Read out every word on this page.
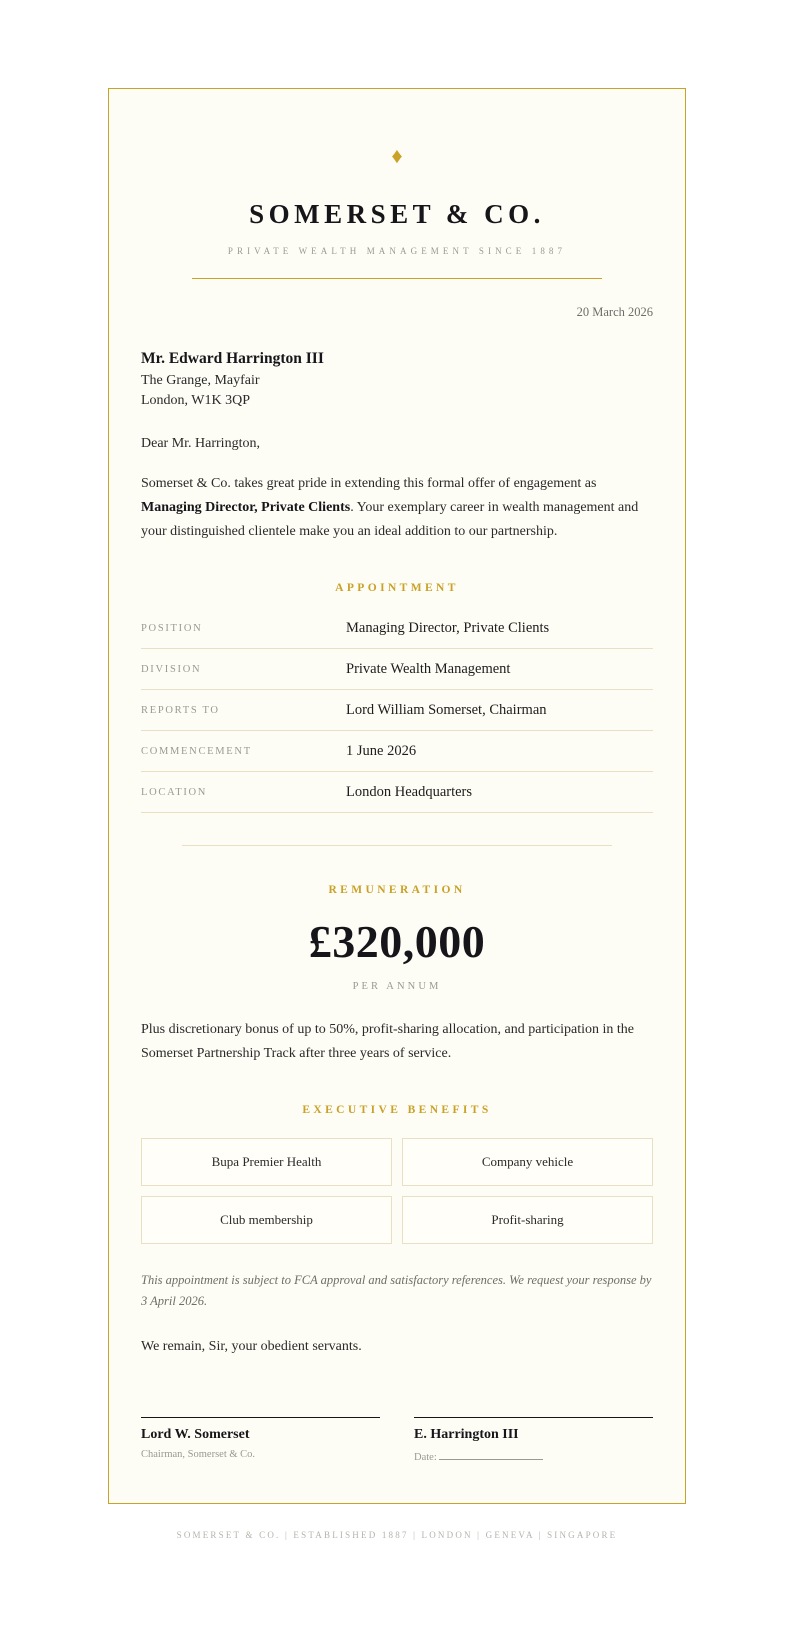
♦
SOMERSET & CO.
PRIVATE WEALTH MANAGEMENT SINCE 1887
20 March 2026
Mr. Edward Harrington III
The Grange, Mayfair
London, W1K 3QP
Dear Mr. Harrington,

Somerset & Co. takes great pride in extending this formal offer of engagement as Managing Director, Private Clients. Your exemplary career in wealth management and your distinguished clientele make you an ideal addition to our partnership.

APPOINTMENT
POSITION	Managing Director, Private Clients
DIVISION	Private Wealth Management
REPORTS TO	Lord William Somerset, Chairman
COMMENCEMENT	1 June 2026
LOCATION	London Headquarters
REMUNERATION
£320,000
PER ANNUM

Plus discretionary bonus of up to 50%, profit-sharing allocation, and participation in the Somerset Partnership Track after three years of service.

EXECUTIVE BENEFITS
Bupa Premier Health	Company vehicle
Club membership	Profit-sharing

This appointment is subject to FCA approval and satisfactory references. We request your response by 3 April 2026.

We remain, Sir, your obedient servants.

Lord W. Somerset
Chairman, Somerset & Co.
E. Harrington III
Date:
SOMERSET & CO. | ESTABLISHED 1887 | LONDON | GENEVA | SINGAPORE
